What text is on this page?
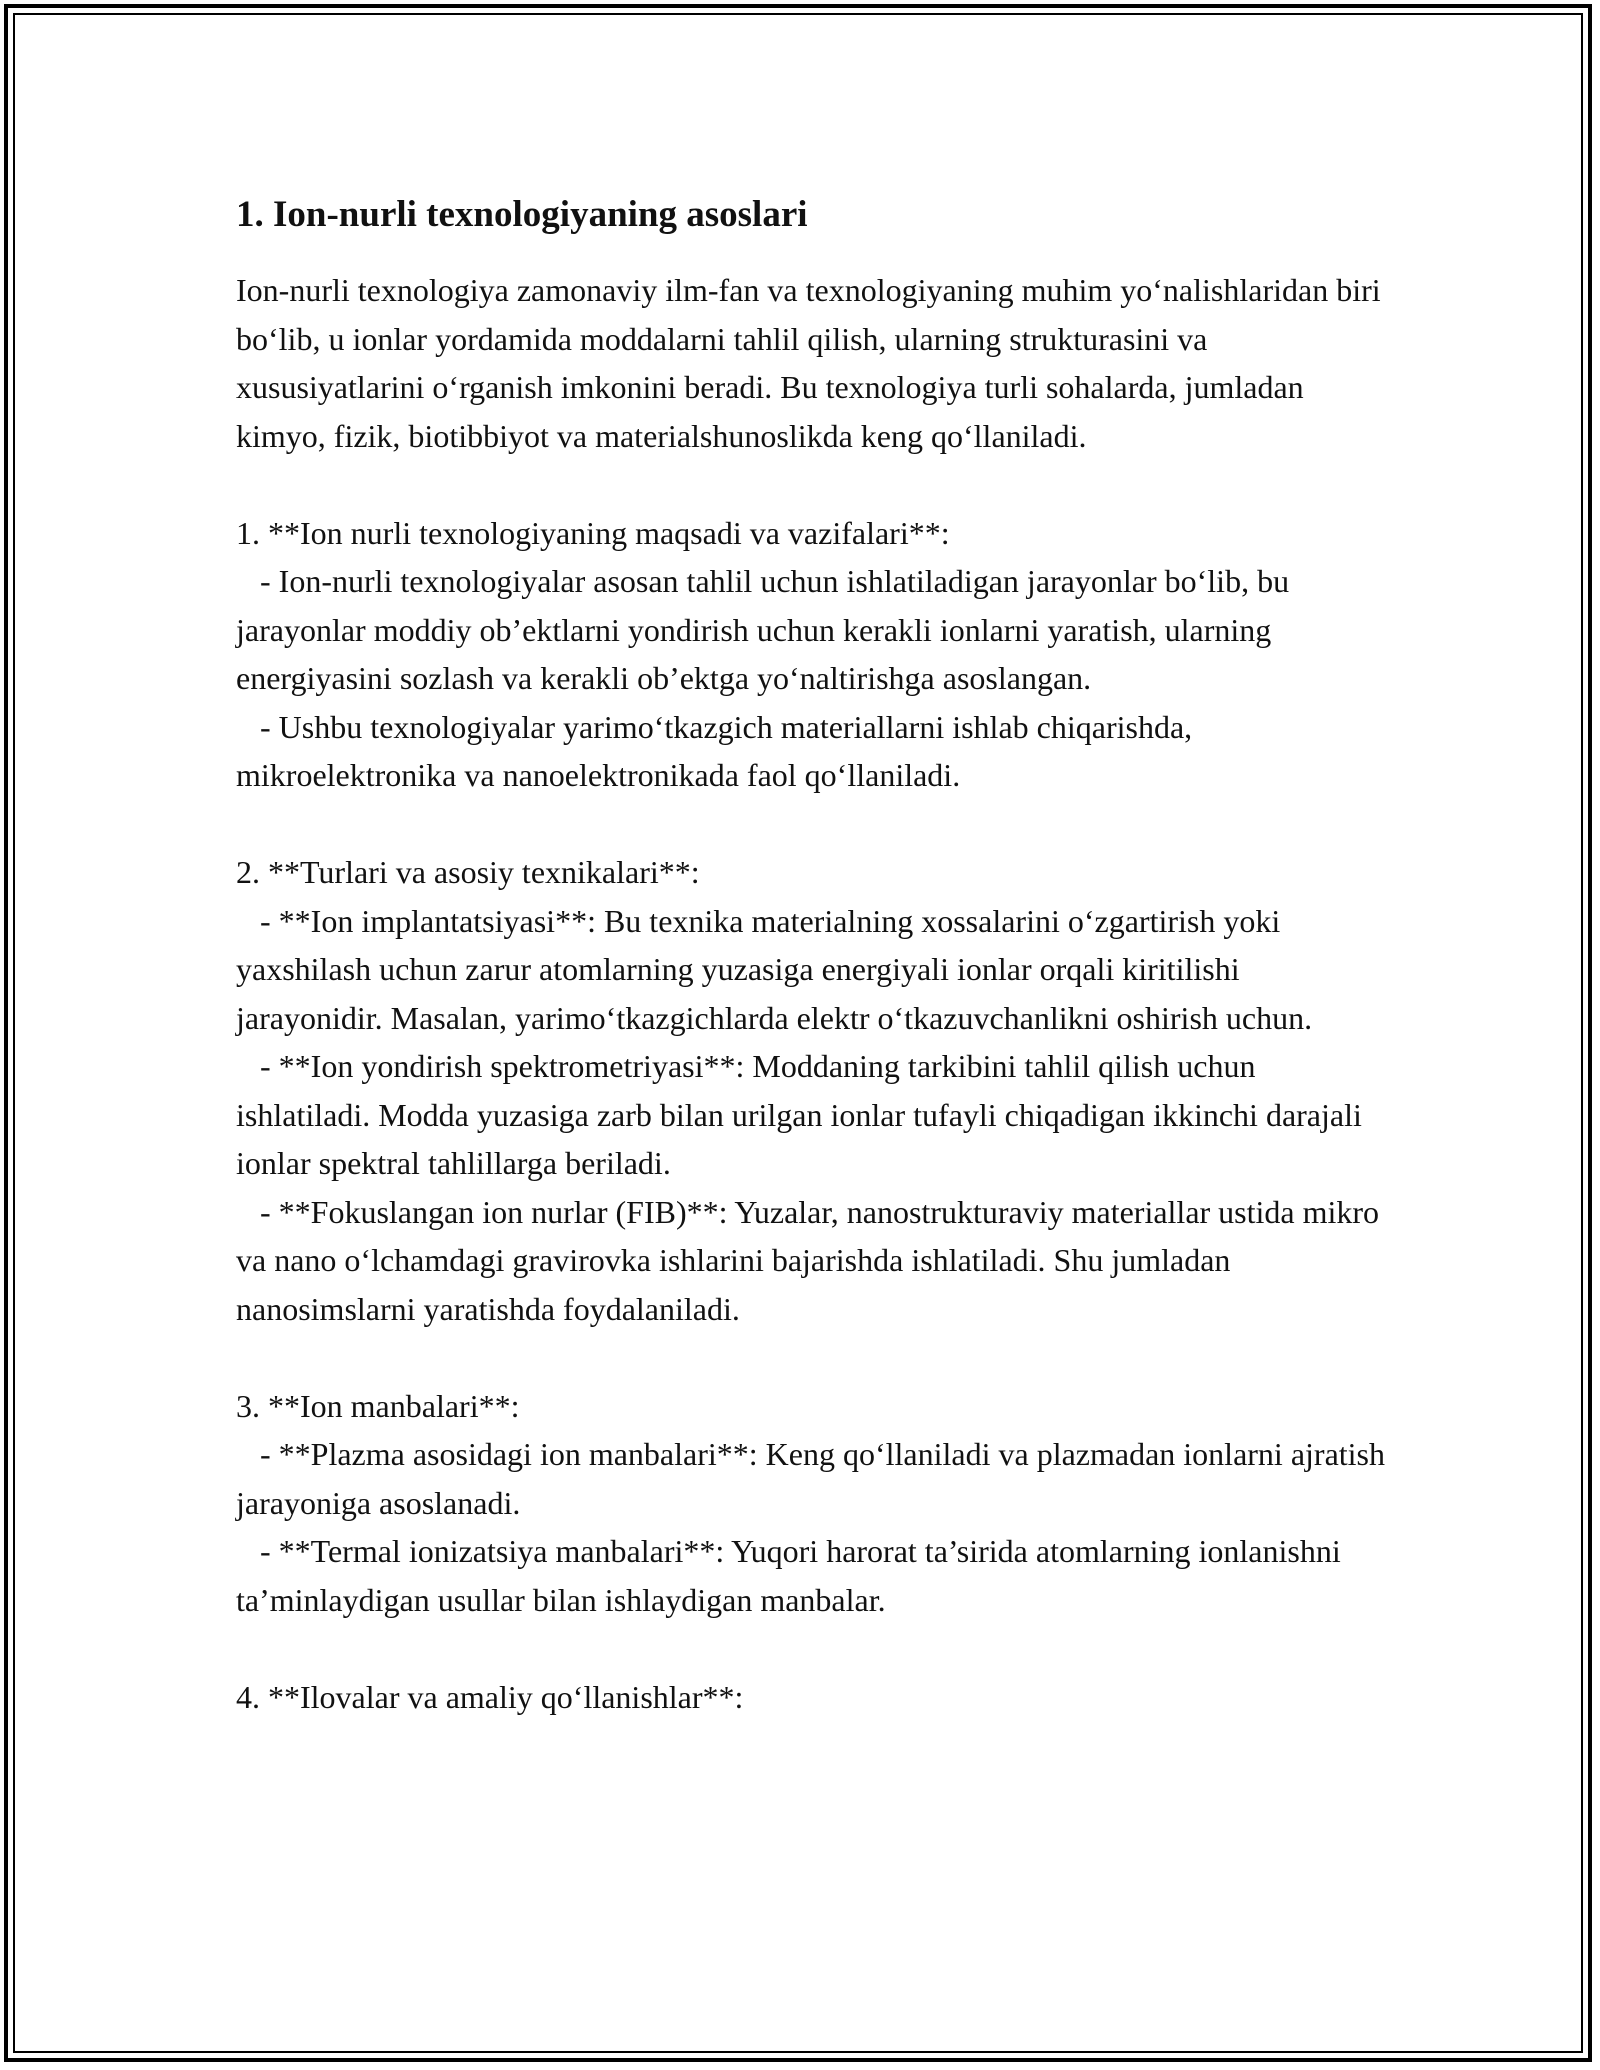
1. Ion-nurli texnologiyaning asoslari

Ion-nurli texnologiya zamonaviy ilm-fan va texnologiyaning muhim yo‘nalishlaridan biri bo‘lib, u ionlar yordamida moddalarni tahlil qilish, ularning strukturasini va xususiyatlarini o‘rganish imkonini beradi. Bu texnologiya turli sohalarda, jumladan kimyo, fizik, biotibbiyot va materialshunoslikda keng qo‘llaniladi.

1. **Ion nurli texnologiyaning maqsadi va vazifalari**:

- Ion-nurli texnologiyalar asosan tahlil uchun ishlatiladigan jarayonlar bo‘lib, bu jarayonlar moddiy ob’ektlarni yondirish uchun kerakli ionlarni yaratish, ularning energiyasini sozlash va kerakli ob’ektga yo‘naltirishga asoslangan.

- Ushbu texnologiyalar yarimo‘tkazgich materiallarni ishlab chiqarishda, mikroelektronika va nanoelektronikada faol qo‘llaniladi.

2. **Turlari va asosiy texnikalari**:

- **Ion implantatsiyasi**: Bu texnika materialning xossalarini o‘zgartirish yoki yaxshilash uchun zarur atomlarning yuzasiga energiyali ionlar orqali kiritilishi jarayonidir. Masalan, yarimo‘tkazgichlarda elektr o‘tkazuvchanlikni oshirish uchun.

- **Ion yondirish spektrometriyasi**: Moddaning tarkibini tahlil qilish uchun ishlatiladi. Modda yuzasiga zarb bilan urilgan ionlar tufayli chiqadigan ikkinchi darajali ionlar spektral tahlillarga beriladi.

- **Fokuslangan ion nurlar (FIB)**: Yuzalar, nanostrukturaviy materiallar ustida mikro va nano o‘lchamdagi gravirovka ishlarini bajarishda ishlatiladi. Shu jumladan nanosimslarni yaratishda foydalaniladi.

3. **Ion manbalari**:

- **Plazma asosidagi ion manbalari**: Keng qo‘llaniladi va plazmadan ionlarni ajratish jarayoniga asoslanadi.

- **Termal ionizatsiya manbalari**: Yuqori harorat ta’sirida atomlarning ionlanishni ta’minlaydigan usullar bilan ishlaydigan manbalar.

4. **Ilovalar va amaliy qo‘llanishlar**:
